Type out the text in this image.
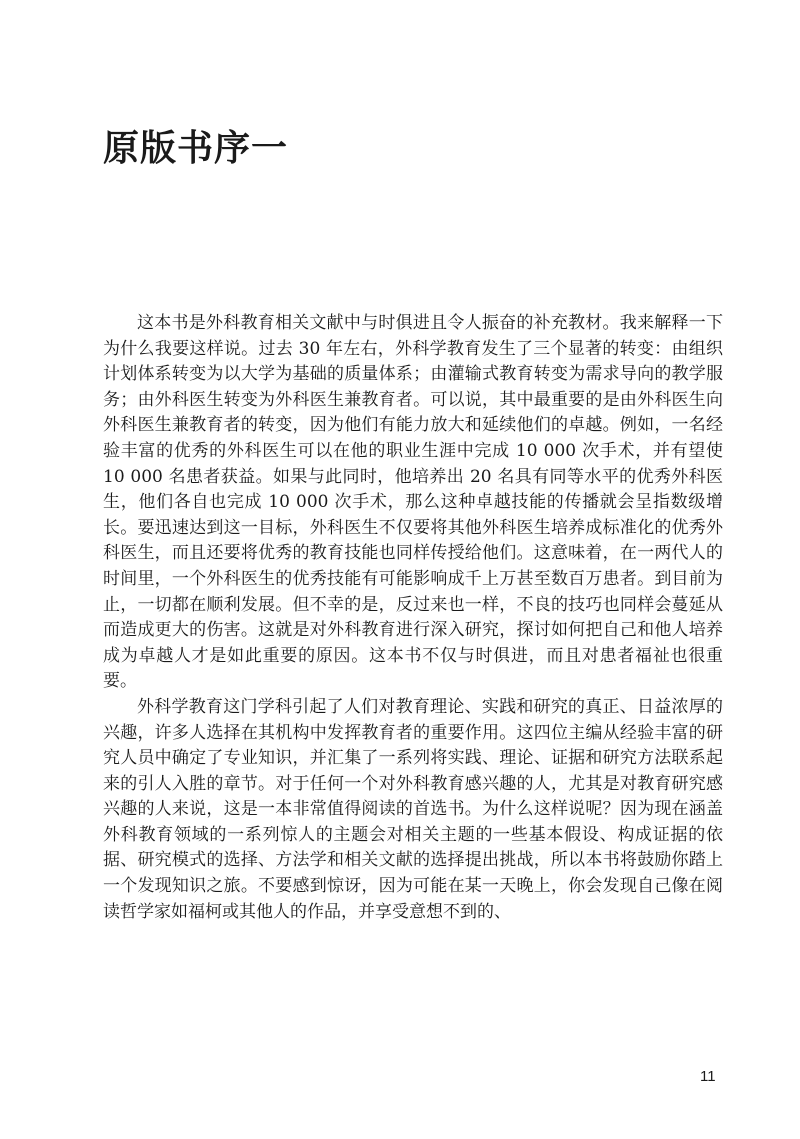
原版书序一

这本书是外科教育相关文献中与时俱进且令人振奋的补充教材。我来解释一下为什么我要这样说。过去 30 年左右，外科学教育发生了三个显著的转变：由组织计划体系转变为以大学为基础的质量体系；由灌输式教育转变为需求导向的教学服务；由外科医生转变为外科医生兼教育者。可以说，其中最重要的是由外科医生向外科医生兼教育者的转变，因为他们有能力放大和延续他们的卓越。例如，一名经验丰富的优秀的外科医生可以在他的职业生涯中完成 10 000 次手术，并有望使 10 000 名患者获益。如果与此同时，他培养出 20 名具有同等水平的优秀外科医生，他们各自也完成 10 000 次手术，那么这种卓越技能的传播就会呈指数级增长。要迅速达到这一目标，外科医生不仅要将其他外科医生培养成标准化的优秀外科医生，而且还要将优秀的教育技能也同样传授给他们。这意味着，在一两代人的时间里，一个外科医生的优秀技能有可能影响成千上万甚至数百万患者。到目前为止，一切都在顺利发展。但不幸的是，反过来也一样，不良的技巧也同样会蔓延从而造成更大的伤害。这就是对外科教育进行深入研究，探讨如何把自己和他人培养成为卓越人才是如此重要的原因。这本书不仅与时俱进，而且对患者福祉也很重要。

外科学教育这门学科引起了人们对教育理论、实践和研究的真正、日益浓厚的兴趣，许多人选择在其机构中发挥教育者的重要作用。这四位主编从经验丰富的研究人员中确定了专业知识，并汇集了一系列将实践、理论、证据和研究方法联系起来的引人入胜的章节。对于任何一个对外科教育感兴趣的人，尤其是对教育研究感兴趣的人来说，这是一本非常值得阅读的首选书。为什么这样说呢？因为现在涵盖外科教育领域的一系列惊人的主题会对相关主题的一些基本假设、构成证据的依据、研究模式的选择、方法学和相关文献的选择提出挑战，所以本书将鼓励你踏上一个发现知识之旅。不要感到惊讶，因为可能在某一天晚上，你会发现自己像在阅读哲学家如福柯或其他人的作品，并享受意想不到的、

11
